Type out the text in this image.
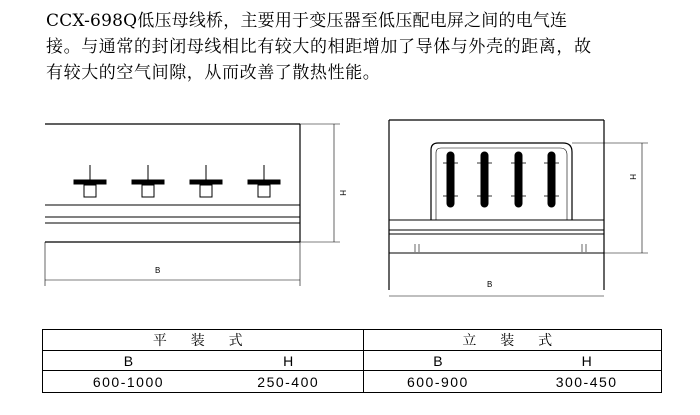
CCX-698Q低压母线桥，主要用于变压器至低压配电屏之间的电气连
接。与通常的封闭母线相比有较大的相距增加了导体与外壳的距离，故
有较大的空气间隙，从而改善了散热性能。

H
B
H
B
平 装 式		立 装 式	
B	H	B	H
600-1000	250-400	600-900	300-450
